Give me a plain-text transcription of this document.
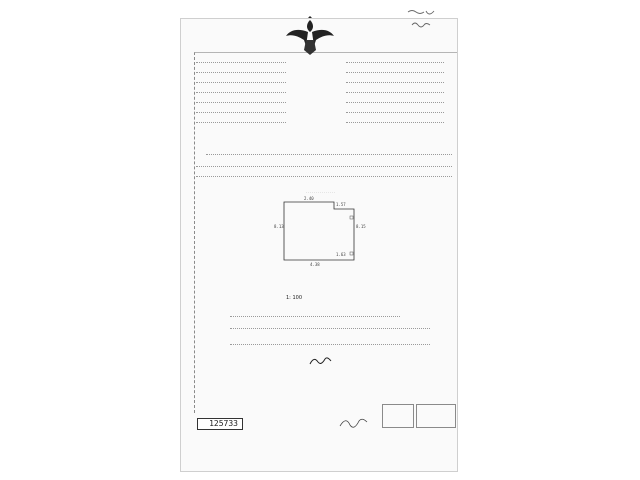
2.40
1.57
8.13	8.15
1.63
4.38
1: 100
125733
